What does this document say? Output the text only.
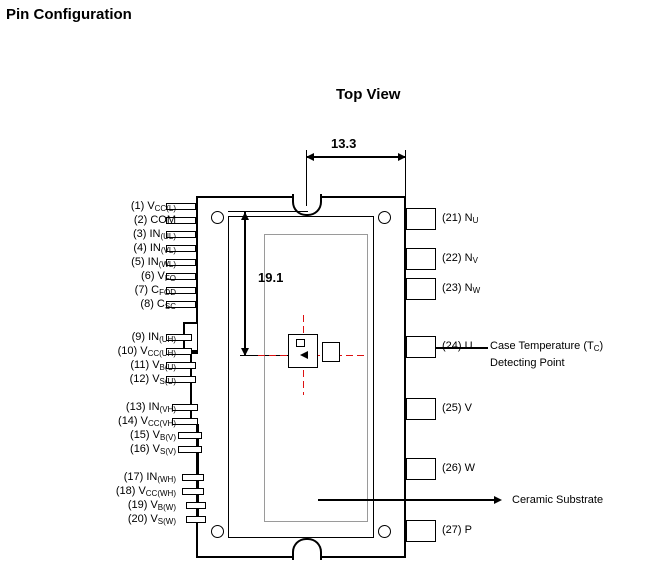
Pin Configuration
Top View
13.3
19.1
Case Temperature $(T_C)$
Detecting Point
Ceramic Substrate
(1) $V_{CC(L)}$
(2) COM
(3) $IN_{(UL)}$
(4) $IN_{(VL)}$
(5) $IN_{(WL)}$
(6) $V_{FO}$
(7) $C_{FOD}$
(8) $C_{SC}$
(9) $IN_{(UH)}$
(10) $V_{CC(UH)}$
(11) $V_{B(U)}$
(12) $V_{S(U)}$
(13) $IN_{(VH)}$
(14) $V_{CC(VH)}$
(15) $V_{B(V)}$
(16) $V_{S(V)}$
(17) $IN_{(WH)}$
(18) $V_{CC(WH)}$
(19) $V_{B(W)}$
(20) $V_{S(W)}$
(21) $N_U$
(22) $N_V$
(23) $N_W$
(24) U
(25) V
(26) W
(27) P
